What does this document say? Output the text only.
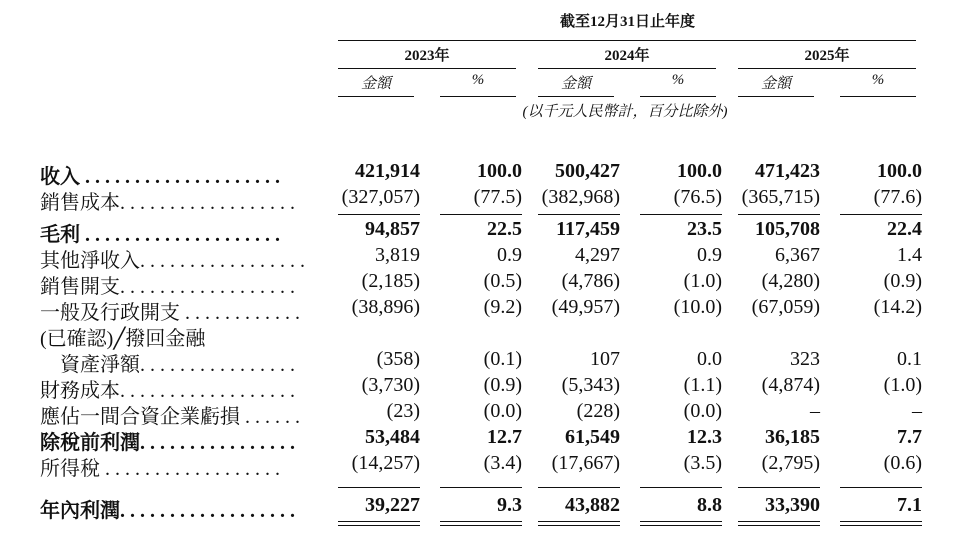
截至12月31日止年度
2023年	2024年	2025年
金額	%	金額	%	金額	%
(以千元人民幣計，百分比除外)
收入 . . . . . . . . . . . . . . . . . . . .	421,914	100.0	500,427	100.0	471,423	100.0
銷售成本. . . . . . . . . . . . . . . . . .	(327,057)	(77.5) (382,968)	(76.5) (365,715)	(77.6)
毛利 . . . . . . . . . . . . . . . . . . . .	94,857	22.5	117,459	23.5	105,708	22.4
其他淨收入. . . . . . . . . . . . . . . . .	3,819	0.9	4,297	0.9	6,367	1.4
銷售開支. . . . . . . . . . . . . . . . . .	(2,185)	(0.5)	(4,786)	(1.0)	(4,280)	(0.9)
一般及行政開支 . . . . . . . . . . . .	(38,896)	(9.2)	(49,957)	(10.0)	(67,059)	(14.2)
(已確認)╱撥回金融
　資產淨額. . . . . . . . . . . . . . . .	(358)	(0.1)	107	0.0	323	0.1
財務成本. . . . . . . . . . . . . . . . . .	(3,730)	(0.9)	(5,343)	(1.1)	(4,874)	(1.0)
應佔一間合資企業虧損 . . . . . .	(23)	(0.0)	(228)	(0.0)	–	–
除稅前利潤. . . . . . . . . . . . . . . .	53,484	12.7	61,549	12.3	36,185	7.7
所得稅 . . . . . . . . . . . . . . . . . .	(14,257)	(3.4)	(17,667)	(3.5)	(2,795)	(0.6)
年內利潤. . . . . . . . . . . . . . . . . .	39,227	9.3	43,882	8.8	33,390	7.1
